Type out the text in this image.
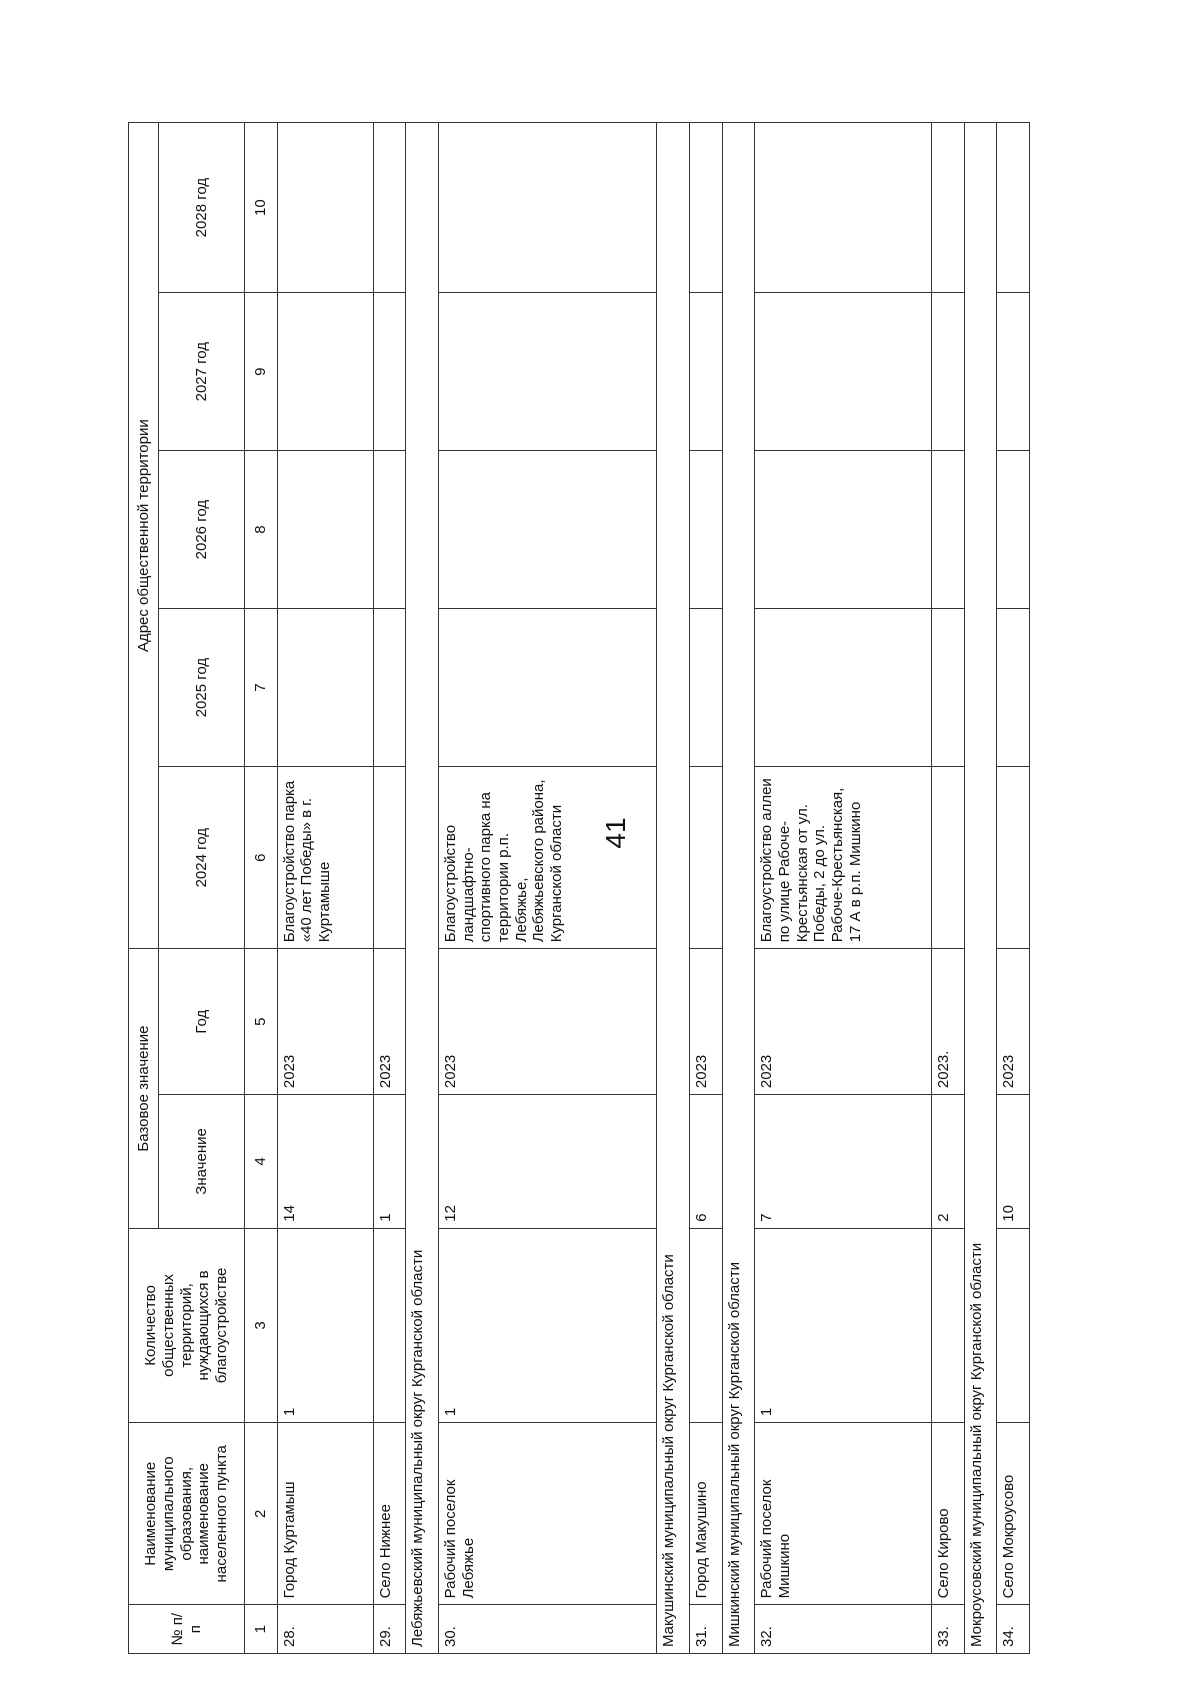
41
№ п/п	Наименование муниципального образования, наименование населенного пункта	Количество общественных территорий, нуждающихся в благоустройстве	Базовое значение		Адрес общественной территории				
			Значение	Год	2024 год	2025 год	2026 год	2027 год	2028 год
1	2	3	4	5	6	7	8	9	10
28.	Город Куртамыш	1	14	2023	Благоустройство парка «40 лет Победы» в г. Куртамыше				
29.	Село Нижнее		1	2023					
Лебяжьевский муниципальный округ Курганской области									
30.	Рабочий поселок Лебяжье	1	12	2023	Благоустройство ландшафтно-спортивного парка на территории р.п. Лебяжье, Лебяжьевского района, Курганской области				
Макушинский муниципальный округ Курганской области									
31.	Город Макушино		6	2023					
Мишкинский муниципальный округ Курганской области									
32.	Рабочий поселок Мишкино	1	7	2023	Благоустройство аллеи по улице Рабоче-Крестьянская от ул. Победы, 2 до ул. Рабоче-Крестьянская, 17 А в р.п. Мишкино				
33.	Село Кирово		2	2023.					
Мокроусовский муниципальный округ Курганской области									
34.	Село Мокроусово		10	2023					
